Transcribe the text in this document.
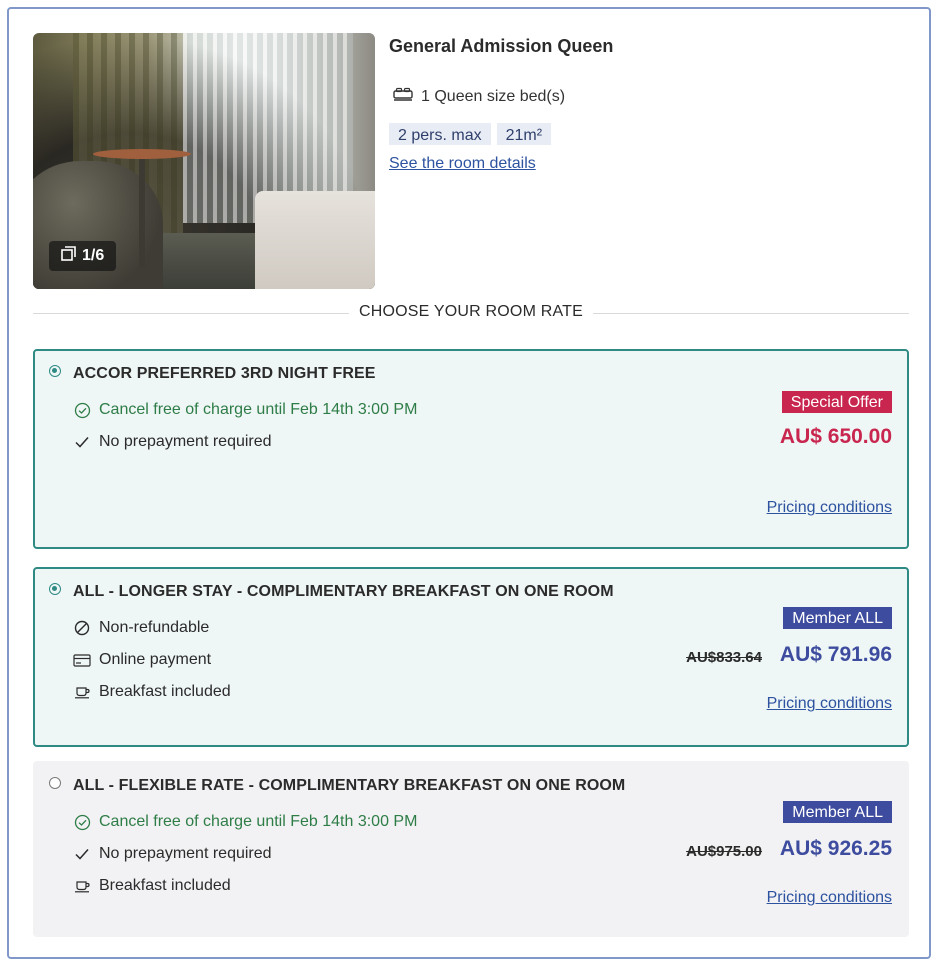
1/6
General Admission Queen
1 Queen size bed(s)
2 pers. max	21m²
See the room details
CHOOSE YOUR ROOM RATE
ACCOR PREFERRED 3RD NIGHT FREE
Cancel free of charge until Feb 14th 3:00 PM
No prepayment required
Special Offer
AU$ 650.00
Pricing conditions
ALL - LONGER STAY - COMPLIMENTARY BREAKFAST ON ONE ROOM
Non-refundable
Online payment
Breakfast included
Member ALL
AU$833.64 AU$ 791.96
Pricing conditions
ALL - FLEXIBLE RATE - COMPLIMENTARY BREAKFAST ON ONE ROOM
Cancel free of charge until Feb 14th 3:00 PM
No prepayment required
Breakfast included
Member ALL
AU$975.00 AU$ 926.25
Pricing conditions
